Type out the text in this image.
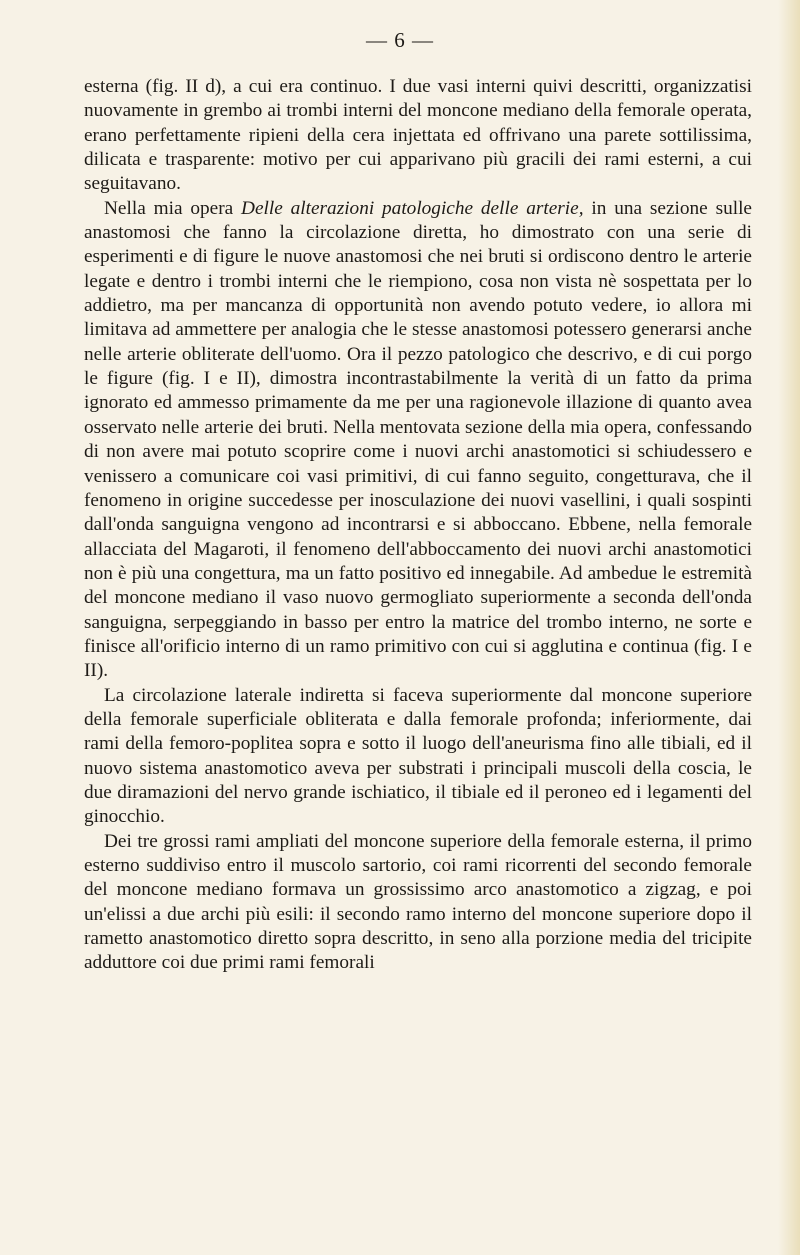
— 6 —

esterna (fig. II d), a cui era continuo. I due vasi interni quivi descritti, organizzatisi nuovamente in grembo ai trombi interni del moncone mediano della femorale operata, erano perfettamente ripieni della cera injettata ed offrivano una parete sottilissima, dilicata e trasparente: motivo per cui apparivano più gracili dei rami esterni, a cui seguitavano.

Nella mia opera Delle alterazioni patologiche delle arterie, in una sezione sulle anastomosi che fanno la circolazione diretta, ho dimostrato con una serie di esperimenti e di figure le nuove anastomosi che nei bruti si ordiscono dentro le arterie legate e dentro i trombi interni che le riempiono, cosa non vista nè sospettata per lo addietro, ma per mancanza di opportunità non avendo potuto vedere, io allora mi limitava ad ammettere per analogia che le stesse anastomosi potessero generarsi anche nelle arterie obliterate dell'uomo. Ora il pezzo patologico che descrivo, e di cui porgo le figure (fig. I e II), dimostra incontrastabilmente la verità di un fatto da prima ignorato ed ammesso primamente da me per una ragionevole illazione di quanto avea osservato nelle arterie dei bruti. Nella mentovata sezione della mia opera, confessando di non avere mai potuto scoprire come i nuovi archi anastomotici si schiudessero e venissero a comunicare coi vasi primitivi, di cui fanno seguito, congetturava, che il fenomeno in origine succedesse per inosculazione dei nuovi vasellini, i quali sospinti dall'onda sanguigna vengono ad incontrarsi e si abboccano. Ebbene, nella femorale allacciata del Magaroti, il fenomeno dell'abboccamento dei nuovi archi anastomotici non è più una congettura, ma un fatto positivo ed innegabile. Ad ambedue le estremità del moncone mediano il vaso nuovo germogliato superiormente a seconda dell'onda sanguigna, serpeggiando in basso per entro la matrice del trombo interno, ne sorte e finisce all'orificio interno di un ramo primitivo con cui si agglutina e continua (fig. I e II).

La circolazione laterale indiretta si faceva superiormente dal moncone superiore della femorale superficiale obliterata e dalla femorale profonda; inferiormente, dai rami della femoro-poplitea sopra e sotto il luogo dell'aneurisma fino alle tibiali, ed il nuovo sistema anastomotico aveva per substrati i principali muscoli della coscia, le due diramazioni del nervo grande ischiatico, il tibiale ed il peroneo ed i legamenti del ginocchio.

Dei tre grossi rami ampliati del moncone superiore della femorale esterna, il primo esterno suddiviso entro il muscolo sartorio, coi rami ricorrenti del secondo femorale del moncone mediano formava un grossissimo arco anastomotico a zigzag, e poi un'elissi a due archi più esili: il secondo ramo interno del moncone superiore dopo il rametto anastomotico diretto sopra descritto, in seno alla porzione media del tricipite adduttore coi due primi rami femorali
